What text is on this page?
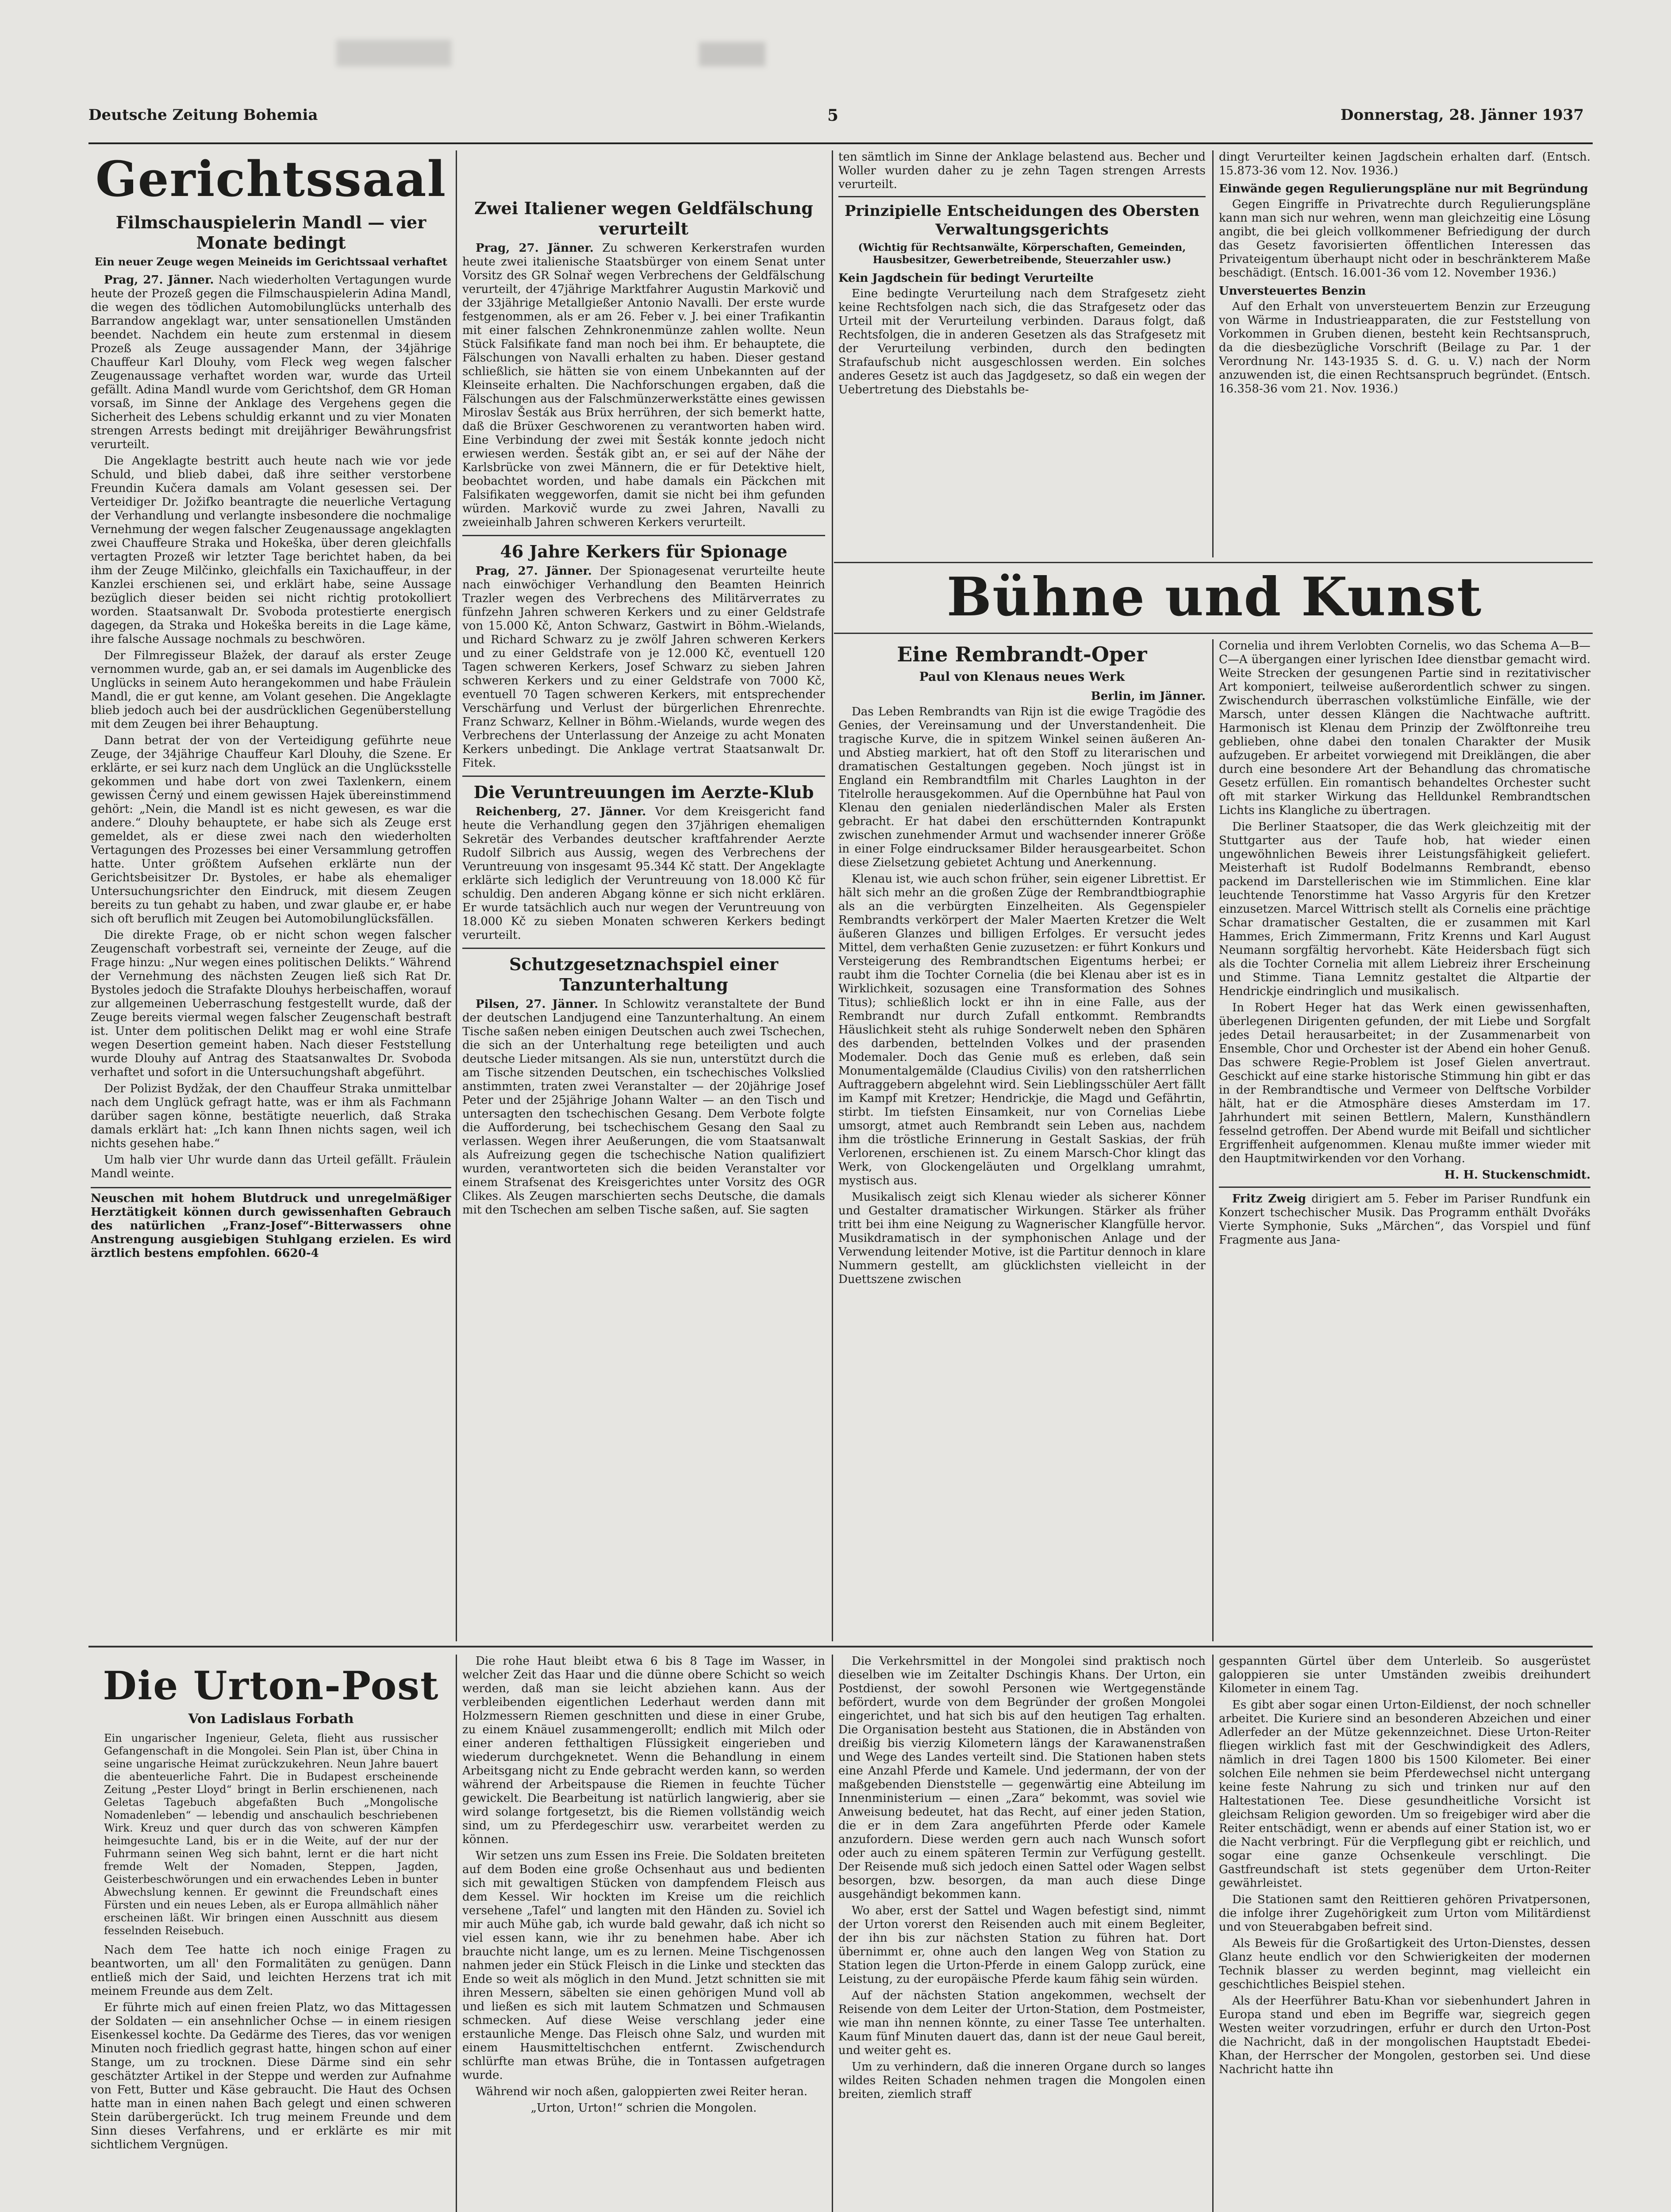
Deutsche Zeitung Bohemia	5	Donnerstag, 28. Jänner 1937
Gerichtssaal
Filmschauspielerin Mandl — vier Monate bedingt
Ein neuer Zeuge wegen Meineids im Gerichtssaal verhaftet

Prag, 27. Jänner. Nach wiederholten Vertagungen wurde heute der Prozeß gegen die Filmschauspielerin Adina Mandl, die wegen des tödlichen Automobilunglücks unterhalb des Barrandow angeklagt war, unter sensationellen Umständen beendet. Nachdem ein heute zum erstenmal in diesem Prozeß als Zeuge aussagender Mann, der 34jährige Chauffeur Karl Dlouhy, vom Fleck weg wegen falscher Zeugenaussage verhaftet worden war, wurde das Urteil gefällt. Adina Mandl wurde vom Gerichtshof, dem GR Homan vorsaß, im Sinne der Anklage des Vergehens gegen die Sicherheit des Lebens schuldig erkannt und zu vier Monaten strengen Arrests bedingt mit dreijähriger Bewährungsfrist verurteilt.

Die Angeklagte bestritt auch heute nach wie vor jede Schuld, und blieb dabei, daß ihre seither verstorbene Freundin Kučera damals am Volant gesessen sei. Der Verteidiger Dr. Jožifko beantragte die neuerliche Vertagung der Verhandlung und verlangte insbesondere die nochmalige Vernehmung der wegen falscher Zeugenaussage angeklagten zwei Chauffeure Straka und Hokeška, über deren gleichfalls vertagten Prozeß wir letzter Tage berichtet haben, da bei ihm der Zeuge Milčinko, gleichfalls ein Taxichauffeur, in der Kanzlei erschienen sei, und erklärt habe, seine Aussage bezüglich dieser beiden sei nicht richtig protokolliert worden. Staatsanwalt Dr. Svoboda protestierte energisch dagegen, da Straka und Hokeška bereits in die Lage käme, ihre falsche Aussage nochmals zu beschwören.

Der Filmregisseur Blažek, der darauf als erster Zeuge vernommen wurde, gab an, er sei damals im Augenblicke des Unglücks in seinem Auto herangekommen und habe Fräulein Mandl, die er gut kenne, am Volant gesehen. Die Angeklagte blieb jedoch auch bei der ausdrücklichen Gegenüberstellung mit dem Zeugen bei ihrer Behauptung.

Dann betrat der von der Verteidigung geführte neue Zeuge, der 34jährige Chauffeur Karl Dlouhy, die Szene. Er erklärte, er sei kurz nach dem Unglück an die Unglücksstelle gekommen und habe dort von zwei Taxlenkern, einem gewissen Černý und einem gewissen Hajek übereinstimmend gehört: „Nein, die Mandl ist es nicht gewesen, es war die andere.“ Dlouhy behauptete, er habe sich als Zeuge erst gemeldet, als er diese zwei nach den wiederholten Vertagungen des Prozesses bei einer Versammlung getroffen hatte. Unter größtem Aufsehen erklärte nun der Gerichtsbeisitzer Dr. Bystoles, er habe als ehemaliger Untersuchungsrichter den Eindruck, mit diesem Zeugen bereits zu tun gehabt zu haben, und zwar glaube er, er habe sich oft beruflich mit Zeugen bei Automobilunglücksfällen.

Die direkte Frage, ob er nicht schon wegen falscher Zeugenschaft vorbestraft sei, verneinte der Zeuge, auf die Frage hinzu: „Nur wegen eines politischen Delikts.“ Während der Vernehmung des nächsten Zeugen ließ sich Rat Dr. Bystoles jedoch die Strafakte Dlouhys herbeischaffen, worauf zur allgemeinen Ueberraschung festgestellt wurde, daß der Zeuge bereits viermal wegen falscher Zeugenschaft bestraft ist. Unter dem politischen Delikt mag er wohl eine Strafe wegen Desertion gemeint haben. Nach dieser Feststellung wurde Dlouhy auf Antrag des Staatsanwaltes Dr. Svoboda verhaftet und sofort in die Untersuchungshaft abgeführt.

Der Polizist Bydžak, der den Chauffeur Straka unmittelbar nach dem Unglück gefragt hatte, was er ihm als Fachmann darüber sagen könne, bestätigte neuerlich, daß Straka damals erklärt hat: „Ich kann Ihnen nichts sagen, weil ich nichts gesehen habe.“

Um halb vier Uhr wurde dann das Urteil gefällt. Fräulein Mandl weinte.

Neuschen mit hohem Blutdruck und unregelmäßiger Herztätigkeit können durch gewissenhaften Gebrauch des natürlichen „Franz-Josef“-Bitterwassers ohne Anstrengung ausgiebigen Stuhlgang erzielen. Es wird ärztlich bestens empfohlen. 6620-4
Zwei Italiener wegen Geldfälschung verurteilt

Prag, 27. Jänner. Zu schweren Kerkerstrafen wurden heute zwei italienische Staatsbürger von einem Senat unter Vorsitz des GR Solnař wegen Verbrechens der Geldfälschung verurteilt, der 47jährige Marktfahrer Augustin Markovič und der 33jährige Metallgießer Antonio Navalli. Der erste wurde festgenommen, als er am 26. Feber v. J. bei einer Trafikantin mit einer falschen Zehnkronenmünze zahlen wollte. Neun Stück Falsifikate fand man noch bei ihm. Er behauptete, die Fälschungen von Navalli erhalten zu haben. Dieser gestand schließlich, sie hätten sie von einem Unbekannten auf der Kleinseite erhalten. Die Nachforschungen ergaben, daß die Fälschungen aus der Falschmünzerwerkstätte eines gewissen Miroslav Šesták aus Brüx herrühren, der sich bemerkt hatte, daß die Brüxer Geschworenen zu verantworten haben wird. Eine Verbindung der zwei mit Šesták konnte jedoch nicht erwiesen werden. Šesták gibt an, er sei auf der Nähe der Karlsbrücke von zwei Männern, die er für Detektive hielt, beobachtet worden, und habe damals ein Päckchen mit Falsifikaten weggeworfen, damit sie nicht bei ihm gefunden würden. Markovič wurde zu zwei Jahren, Navalli zu zweieinhalb Jahren schweren Kerkers verurteilt.

46 Jahre Kerkers für Spionage

Prag, 27. Jänner. Der Spionagesenat verurteilte heute nach einwöchiger Verhandlung den Beamten Heinrich Trazler wegen des Verbrechens des Militärverrates zu fünfzehn Jahren schweren Kerkers und zu einer Geldstrafe von 15.000 Kč, Anton Schwarz, Gastwirt in Böhm.-Wielands, und Richard Schwarz zu je zwölf Jahren schweren Kerkers und zu einer Geldstrafe von je 12.000 Kč, eventuell 120 Tagen schweren Kerkers, Josef Schwarz zu sieben Jahren schweren Kerkers und zu einer Geldstrafe von 7000 Kč, eventuell 70 Tagen schweren Kerkers, mit entsprechender Verschärfung und Verlust der bürgerlichen Ehrenrechte. Franz Schwarz, Kellner in Böhm.-Wielands, wurde wegen des Verbrechens der Unterlassung der Anzeige zu acht Monaten Kerkers unbedingt. Die Anklage vertrat Staatsanwalt Dr. Fitek.

Die Veruntreuungen im Aerzte-Klub

Reichenberg, 27. Jänner. Vor dem Kreisgericht fand heute die Verhandlung gegen den 37jährigen ehemaligen Sekretär des Verbandes deutscher kraftfahrender Aerzte Rudolf Silbrich aus Aussig, wegen des Verbrechens der Veruntreuung von insgesamt 95.344 Kč statt. Der Angeklagte erklärte sich lediglich der Veruntreuung von 18.000 Kč für schuldig. Den anderen Abgang könne er sich nicht erklären. Er wurde tatsächlich auch nur wegen der Veruntreuung von 18.000 Kč zu sieben Monaten schweren Kerkers bedingt verurteilt.

Schutzgesetznachspiel einer Tanzunterhaltung

Pilsen, 27. Jänner. In Schlowitz veranstaltete der Bund der deutschen Landjugend eine Tanzunterhaltung. An einem Tische saßen neben einigen Deutschen auch zwei Tschechen, die sich an der Unterhaltung rege beteiligten und auch deutsche Lieder mitsangen. Als sie nun, unterstützt durch die am Tische sitzenden Deutschen, ein tschechisches Volkslied anstimmten, traten zwei Veranstalter — der 20jährige Josef Peter und der 25jährige Johann Walter — an den Tisch und untersagten den tschechischen Gesang. Dem Verbote folgte die Aufforderung, bei tschechischem Gesang den Saal zu verlassen. Wegen ihrer Aeußerungen, die vom Staatsanwalt als Aufreizung gegen die tschechische Nation qualifiziert wurden, verantworteten sich die beiden Veranstalter vor einem Strafsenat des Kreisgerichtes unter Vorsitz des OGR Clikes. Als Zeugen marschierten sechs Deutsche, die damals mit den Tschechen am selben Tische saßen, auf. Sie sagten

ten sämtlich im Sinne der Anklage belastend aus. Becher und Woller wurden daher zu je zehn Tagen strengen Arrests verurteilt.

Prinzipielle Entscheidungen des Obersten Verwaltungsgerichts
(Wichtig für Rechtsanwälte, Körperschaften, Gemeinden, Hausbesitzer, Gewerbetreibende, Steuerzahler usw.)
Kein Jagdschein für bedingt Verurteilte

Eine bedingte Verurteilung nach dem Strafgesetz zieht keine Rechtsfolgen nach sich, die das Strafgesetz oder das Urteil mit der Verurteilung verbinden. Daraus folgt, daß Rechtsfolgen, die in anderen Gesetzen als das Strafgesetz mit der Verurteilung verbinden, durch den bedingten Strafaufschub nicht ausgeschlossen werden. Ein solches anderes Gesetz ist auch das Jagdgesetz, so daß ein wegen der Uebertretung des Diebstahls be-

dingt Verurteilter keinen Jagdschein erhalten darf. (Entsch. 15.873-36 vom 12. Nov. 1936.)

Einwände gegen Regulierungspläne nur mit Begründung

Gegen Eingriffe in Privatrechte durch Regulierungspläne kann man sich nur wehren, wenn man gleichzeitig eine Lösung angibt, die bei gleich vollkommener Befriedigung der durch das Gesetz favorisierten öffentlichen Interessen das Privateigentum überhaupt nicht oder in beschränkterem Maße beschädigt. (Entsch. 16.001-36 vom 12. November 1936.)

Unversteuertes Benzin

Auf den Erhalt von unversteuertem Benzin zur Erzeugung von Wärme in Industrieapparaten, die zur Feststellung von Vorkommen in Gruben dienen, besteht kein Rechtsanspruch, da die diesbezügliche Vorschrift (Beilage zu Par. 1 der Verordnung Nr. 143-1935 S. d. G. u. V.) nach der Norm anzuwenden ist, die einen Rechtsanspruch begründet. (Entsch. 16.358-36 vom 21. Nov. 1936.)

Bühne und Kunst
Eine Rembrandt-Oper
Paul von Klenaus neues Werk
Berlin, im Jänner.

Das Leben Rembrandts van Rijn ist die ewige Tragödie des Genies, der Vereinsamung und der Unverstandenheit. Die tragische Kurve, die in spitzem Winkel seinen äußeren An- und Abstieg markiert, hat oft den Stoff zu literarischen und dramatischen Gestaltungen gegeben. Noch jüngst ist in England ein Rembrandtfilm mit Charles Laughton in der Titelrolle herausgekommen. Auf die Opernbühne hat Paul von Klenau den genialen niederländischen Maler als Ersten gebracht. Er hat dabei den erschütternden Kontrapunkt zwischen zunehmender Armut und wachsender innerer Größe in einer Folge eindrucksamer Bilder herausgearbeitet. Schon diese Zielsetzung gebietet Achtung und Anerkennung.

Klenau ist, wie auch schon früher, sein eigener Librettist. Er hält sich mehr an die großen Züge der Rembrandtbiographie als an die verbürgten Einzelheiten. Als Gegenspieler Rembrandts verkörpert der Maler Maerten Kretzer die Welt äußeren Glanzes und billigen Erfolges. Er versucht jedes Mittel, dem verhaßten Genie zuzusetzen: er führt Konkurs und Versteigerung des Rembrandtschen Eigentums herbei; er raubt ihm die Tochter Cornelia (die bei Klenau aber ist es in Wirklichkeit, sozusagen eine Transformation des Sohnes Titus); schließlich lockt er ihn in eine Falle, aus der Rembrandt nur durch Zufall entkommt. Rembrandts Häuslichkeit steht als ruhige Sonderwelt neben den Sphären des darbenden, bettelnden Volkes und der prasenden Modemaler. Doch das Genie muß es erleben, daß sein Monumentalgemälde (Claudius Civilis) von den ratsherrlichen Auftraggebern abgelehnt wird. Sein Lieblingsschüler Aert fällt im Kampf mit Kretzer; Hendrickje, die Magd und Gefährtin, stirbt. Im tiefsten Einsamkeit, nur von Cornelias Liebe umsorgt, atmet auch Rembrandt sein Leben aus, nachdem ihm die tröstliche Erinnerung in Gestalt Saskias, der früh Verlorenen, erschienen ist. Zu einem Marsch-Chor klingt das Werk, von Glockengeläuten und Orgelklang umrahmt, mystisch aus.

Musikalisch zeigt sich Klenau wieder als sicherer Könner und Gestalter dramatischer Wirkungen. Stärker als früher tritt bei ihm eine Neigung zu Wagnerischer Klangfülle hervor. Musikdramatisch in der symphonischen Anlage und der Verwendung leitender Motive, ist die Partitur dennoch in klare Nummern gestellt, am glücklichsten vielleicht in der Duettszene zwischen

Cornelia und ihrem Verlobten Cornelis, wo das Schema A—B—C—A übergangen einer lyrischen Idee dienstbar gemacht wird. Weite Strecken der gesungenen Partie sind in rezitativischer Art komponiert, teilweise außerordentlich schwer zu singen. Zwischendurch überraschen volkstümliche Einfälle, wie der Marsch, unter dessen Klängen die Nachtwache auftritt. Harmonisch ist Klenau dem Prinzip der Zwölftonreihe treu geblieben, ohne dabei den tonalen Charakter der Musik aufzugeben. Er arbeitet vorwiegend mit Dreiklängen, die aber durch eine besondere Art der Behandlung das chromatische Gesetz erfüllen. Ein romantisch behandeltes Orchester sucht oft mit starker Wirkung das Helldunkel Rembrandtschen Lichts ins Klangliche zu übertragen.

Die Berliner Staatsoper, die das Werk gleichzeitig mit der Stuttgarter aus der Taufe hob, hat wieder einen ungewöhnlichen Beweis ihrer Leistungsfähigkeit geliefert. Meisterhaft ist Rudolf Bodelmanns Rembrandt, ebenso packend im Darstellerischen wie im Stimmlichen. Eine klar leuchtende Tenorstimme hat Vasso Argyris für den Kretzer einzusetzen. Marcel Wittrisch stellt als Cornelis eine prächtige Schar dramatischer Gestalten, die er zusammen mit Karl Hammes, Erich Zimmermann, Fritz Krenns und Karl August Neumann sorgfältig hervorhebt. Käte Heidersbach fügt sich als die Tochter Cornelia mit allem Liebreiz ihrer Erscheinung und Stimme. Tiana Lemnitz gestaltet die Altpartie der Hendrickje eindringlich und musikalisch.

In Robert Heger hat das Werk einen gewissenhaften, überlegenen Dirigenten gefunden, der mit Liebe und Sorgfalt jedes Detail herausarbeitet; in der Zusammenarbeit von Ensemble, Chor und Orchester ist der Abend ein hoher Genuß. Das schwere Regie-Problem ist Josef Gielen anvertraut. Geschickt auf eine starke historische Stimmung hin gibt er das in der Rembrandtische und Vermeer von Delftsche Vorbilder hält, hat er die Atmosphäre dieses Amsterdam im 17. Jahrhundert mit seinen Bettlern, Malern, Kunsthändlern fesselnd getroffen. Der Abend wurde mit Beifall und sichtlicher Ergriffenheit aufgenommen. Klenau mußte immer wieder mit den Hauptmitwirkenden vor den Vorhang.

H. H. Stuckenschmidt.

Fritz Zweig dirigiert am 5. Feber im Pariser Rundfunk ein Konzert tschechischer Musik. Das Programm enthält Dvořáks Vierte Symphonie, Suks „Märchen“, das Vorspiel und fünf Fragmente aus Jana-

Die Urton-Post
Von Ladislaus Forbath
Ein ungarischer Ingenieur, Geleta, flieht aus russischer Gefangenschaft in die Mongolei. Sein Plan ist, über China in seine ungarische Heimat zurückzukehren. Neun Jahre bauert die abenteuerliche Fahrt. Die in Budapest erscheinende Zeitung „Pester Lloyd“ bringt in Berlin erschienenen, nach Geletas Tagebuch abgefaßten Buch „Mongolische Nomadenleben“ — lebendig und anschaulich beschriebenen Wirk. Kreuz und quer durch das von schweren Kämpfen heimgesuchte Land, bis er in die Weite, auf der nur der Fuhrmann seinen Weg sich bahnt, lernt er die hart nicht fremde Welt der Nomaden, Steppen, Jagden, Geisterbeschwörungen und ein erwachendes Leben in bunter Abwechslung kennen. Er gewinnt die Freundschaft eines Fürsten und ein neues Leben, als er Europa allmählich näher erscheinen läßt. Wir bringen einen Ausschnitt aus diesem fesselnden Reisebuch.

Nach dem Tee hatte ich noch einige Fragen zu beantworten, um all' den Formalitäten zu genügen. Dann entließ mich der Said, und leichten Herzens trat ich mit meinem Freunde aus dem Zelt.

Er führte mich auf einen freien Platz, wo das Mittagessen der Soldaten — ein ansehnlicher Ochse — in einem riesigen Eisenkessel kochte. Da Gedärme des Tieres, das vor wenigen Minuten noch friedlich gegrast hatte, hingen schon auf einer Stange, um zu trocknen. Diese Därme sind ein sehr geschätzter Artikel in der Steppe und werden zur Aufnahme von Fett, Butter und Käse gebraucht. Die Haut des Ochsen hatte man in einen nahen Bach gelegt und einen schweren Stein darübergerückt. Ich trug meinem Freunde und dem Sinn dieses Verfahrens, und er erklärte es mir mit sichtlichem Vergnügen.

Die rohe Haut bleibt etwa 6 bis 8 Tage im Wasser, in welcher Zeit das Haar und die dünne obere Schicht so weich werden, daß man sie leicht abziehen kann. Aus der verbleibenden eigentlichen Lederhaut werden dann mit Holzmessern Riemen geschnitten und diese in einer Grube, zu einem Knäuel zusammengerollt; endlich mit Milch oder einer anderen fetthaltigen Flüssigkeit eingerieben und wiederum durchgeknetet. Wenn die Behandlung in einem Arbeitsgang nicht zu Ende gebracht werden kann, so werden während der Arbeitspause die Riemen in feuchte Tücher gewickelt. Die Bearbeitung ist natürlich langwierig, aber sie wird solange fortgesetzt, bis die Riemen vollständig weich sind, um zu Pferdegeschirr usw. verarbeitet werden zu können.

Wir setzen uns zum Essen ins Freie. Die Soldaten breiteten auf dem Boden eine große Ochsenhaut aus und bedienten sich mit gewaltigen Stücken von dampfendem Fleisch aus dem Kessel. Wir hockten im Kreise um die reichlich versehene „Tafel“ und langten mit den Händen zu. Soviel ich mir auch Mühe gab, ich wurde bald gewahr, daß ich nicht so viel essen kann, wie ihr zu benehmen habe. Aber ich brauchte nicht lange, um es zu lernen. Meine Tischgenossen nahmen jeder ein Stück Fleisch in die Linke und steckten das Ende so weit als möglich in den Mund. Jetzt schnitten sie mit ihren Messern, säbelten sie einen gehörigen Mund voll ab und ließen es sich mit lautem Schmatzen und Schmausen schmecken. Auf diese Weise verschlang jeder eine erstaunliche Menge. Das Fleisch ohne Salz, und wurden mit einem Hausmitteltischchen entfernt. Zwischendurch schlürfte man etwas Brühe, die in Tontassen aufgetragen wurde.

Während wir noch aßen, galoppierten zwei Reiter heran.

„Urton, Urton!“ schrien die Mongolen.

Die Verkehrsmittel in der Mongolei sind praktisch noch dieselben wie im Zeitalter Dschingis Khans. Der Urton, ein Postdienst, der sowohl Personen wie Wertgegenstände befördert, wurde von dem Begründer der großen Mongolei eingerichtet, und hat sich bis auf den heutigen Tag erhalten. Die Organisation besteht aus Stationen, die in Abständen von dreißig bis vierzig Kilometern längs der Karawanenstraßen und Wege des Landes verteilt sind. Die Stationen haben stets eine Anzahl Pferde und Kamele. Und jedermann, der von der maßgebenden Dienststelle — gegenwärtig eine Abteilung im Innenministerium — einen „Zara“ bekommt, was soviel wie Anweisung bedeutet, hat das Recht, auf einer jeden Station, die er in dem Zara angeführten Pferde oder Kamele anzufordern. Diese werden gern auch nach Wunsch sofort oder auch zu einem späteren Termin zur Verfügung gestellt. Der Reisende muß sich jedoch einen Sattel oder Wagen selbst besorgen, bzw. besorgen, da man auch diese Dinge ausgehändigt bekommen kann.

Wo aber, erst der Sattel und Wagen befestigt sind, nimmt der Urton vorerst den Reisenden auch mit einem Begleiter, der ihn bis zur nächsten Station zu führen hat. Dort übernimmt er, ohne auch den langen Weg von Station zu Station legen die Urton-Pferde in einem Galopp zurück, eine Leistung, zu der europäische Pferde kaum fähig sein würden.

Auf der nächsten Station angekommen, wechselt der Reisende von dem Leiter der Urton-Station, dem Postmeister, wie man ihn nennen könnte, zu einer Tasse Tee unterhalten. Kaum fünf Minuten dauert das, dann ist der neue Gaul bereit, und weiter geht es.

Um zu verhindern, daß die inneren Organe durch so langes wildes Reiten Schaden nehmen tragen die Mongolen einen breiten, ziemlich straff

gespannten Gürtel über dem Unterleib. So ausgerüstet galoppieren sie unter Umständen zweibis dreihundert Kilometer in einem Tag.

Es gibt aber sogar einen Urton-Eildienst, der noch schneller arbeitet. Die Kuriere sind an besonderen Abzeichen und einer Adlerfeder an der Mütze gekennzeichnet. Diese Urton-Reiter fliegen wirklich fast mit der Geschwindigkeit des Adlers, nämlich in drei Tagen 1800 bis 1500 Kilometer. Bei einer solchen Eile nehmen sie beim Pferdewechsel nicht untergang keine feste Nahrung zu sich und trinken nur auf den Haltestationen Tee. Diese gesundheitliche Vorsicht ist gleichsam Religion geworden. Um so freigebiger wird aber die Reiter entschädigt, wenn er abends auf einer Station ist, wo er die Nacht verbringt. Für die Verpflegung gibt er reichlich, und sogar eine ganze Ochsenkeule verschlingt. Die Gastfreundschaft ist stets gegenüber dem Urton-Reiter gewährleistet.

Die Stationen samt den Reittieren gehören Privatpersonen, die infolge ihrer Zugehörigkeit zum Urton vom Militärdienst und von Steuerabgaben befreit sind.

Als Beweis für die Großartigkeit des Urton-Dienstes, dessen Glanz heute endlich vor den Schwierigkeiten der modernen Technik blasser zu werden beginnt, mag vielleicht ein geschichtliches Beispiel stehen.

Als der Heerführer Batu-Khan vor siebenhundert Jahren in Europa stand und eben im Begriffe war, siegreich gegen Westen weiter vorzudringen, erfuhr er durch den Urton-Post die Nachricht, daß in der mongolischen Hauptstadt Ebedei-Khan, der Herrscher der Mongolen, gestorben sei. Und diese Nachricht hatte ihn
